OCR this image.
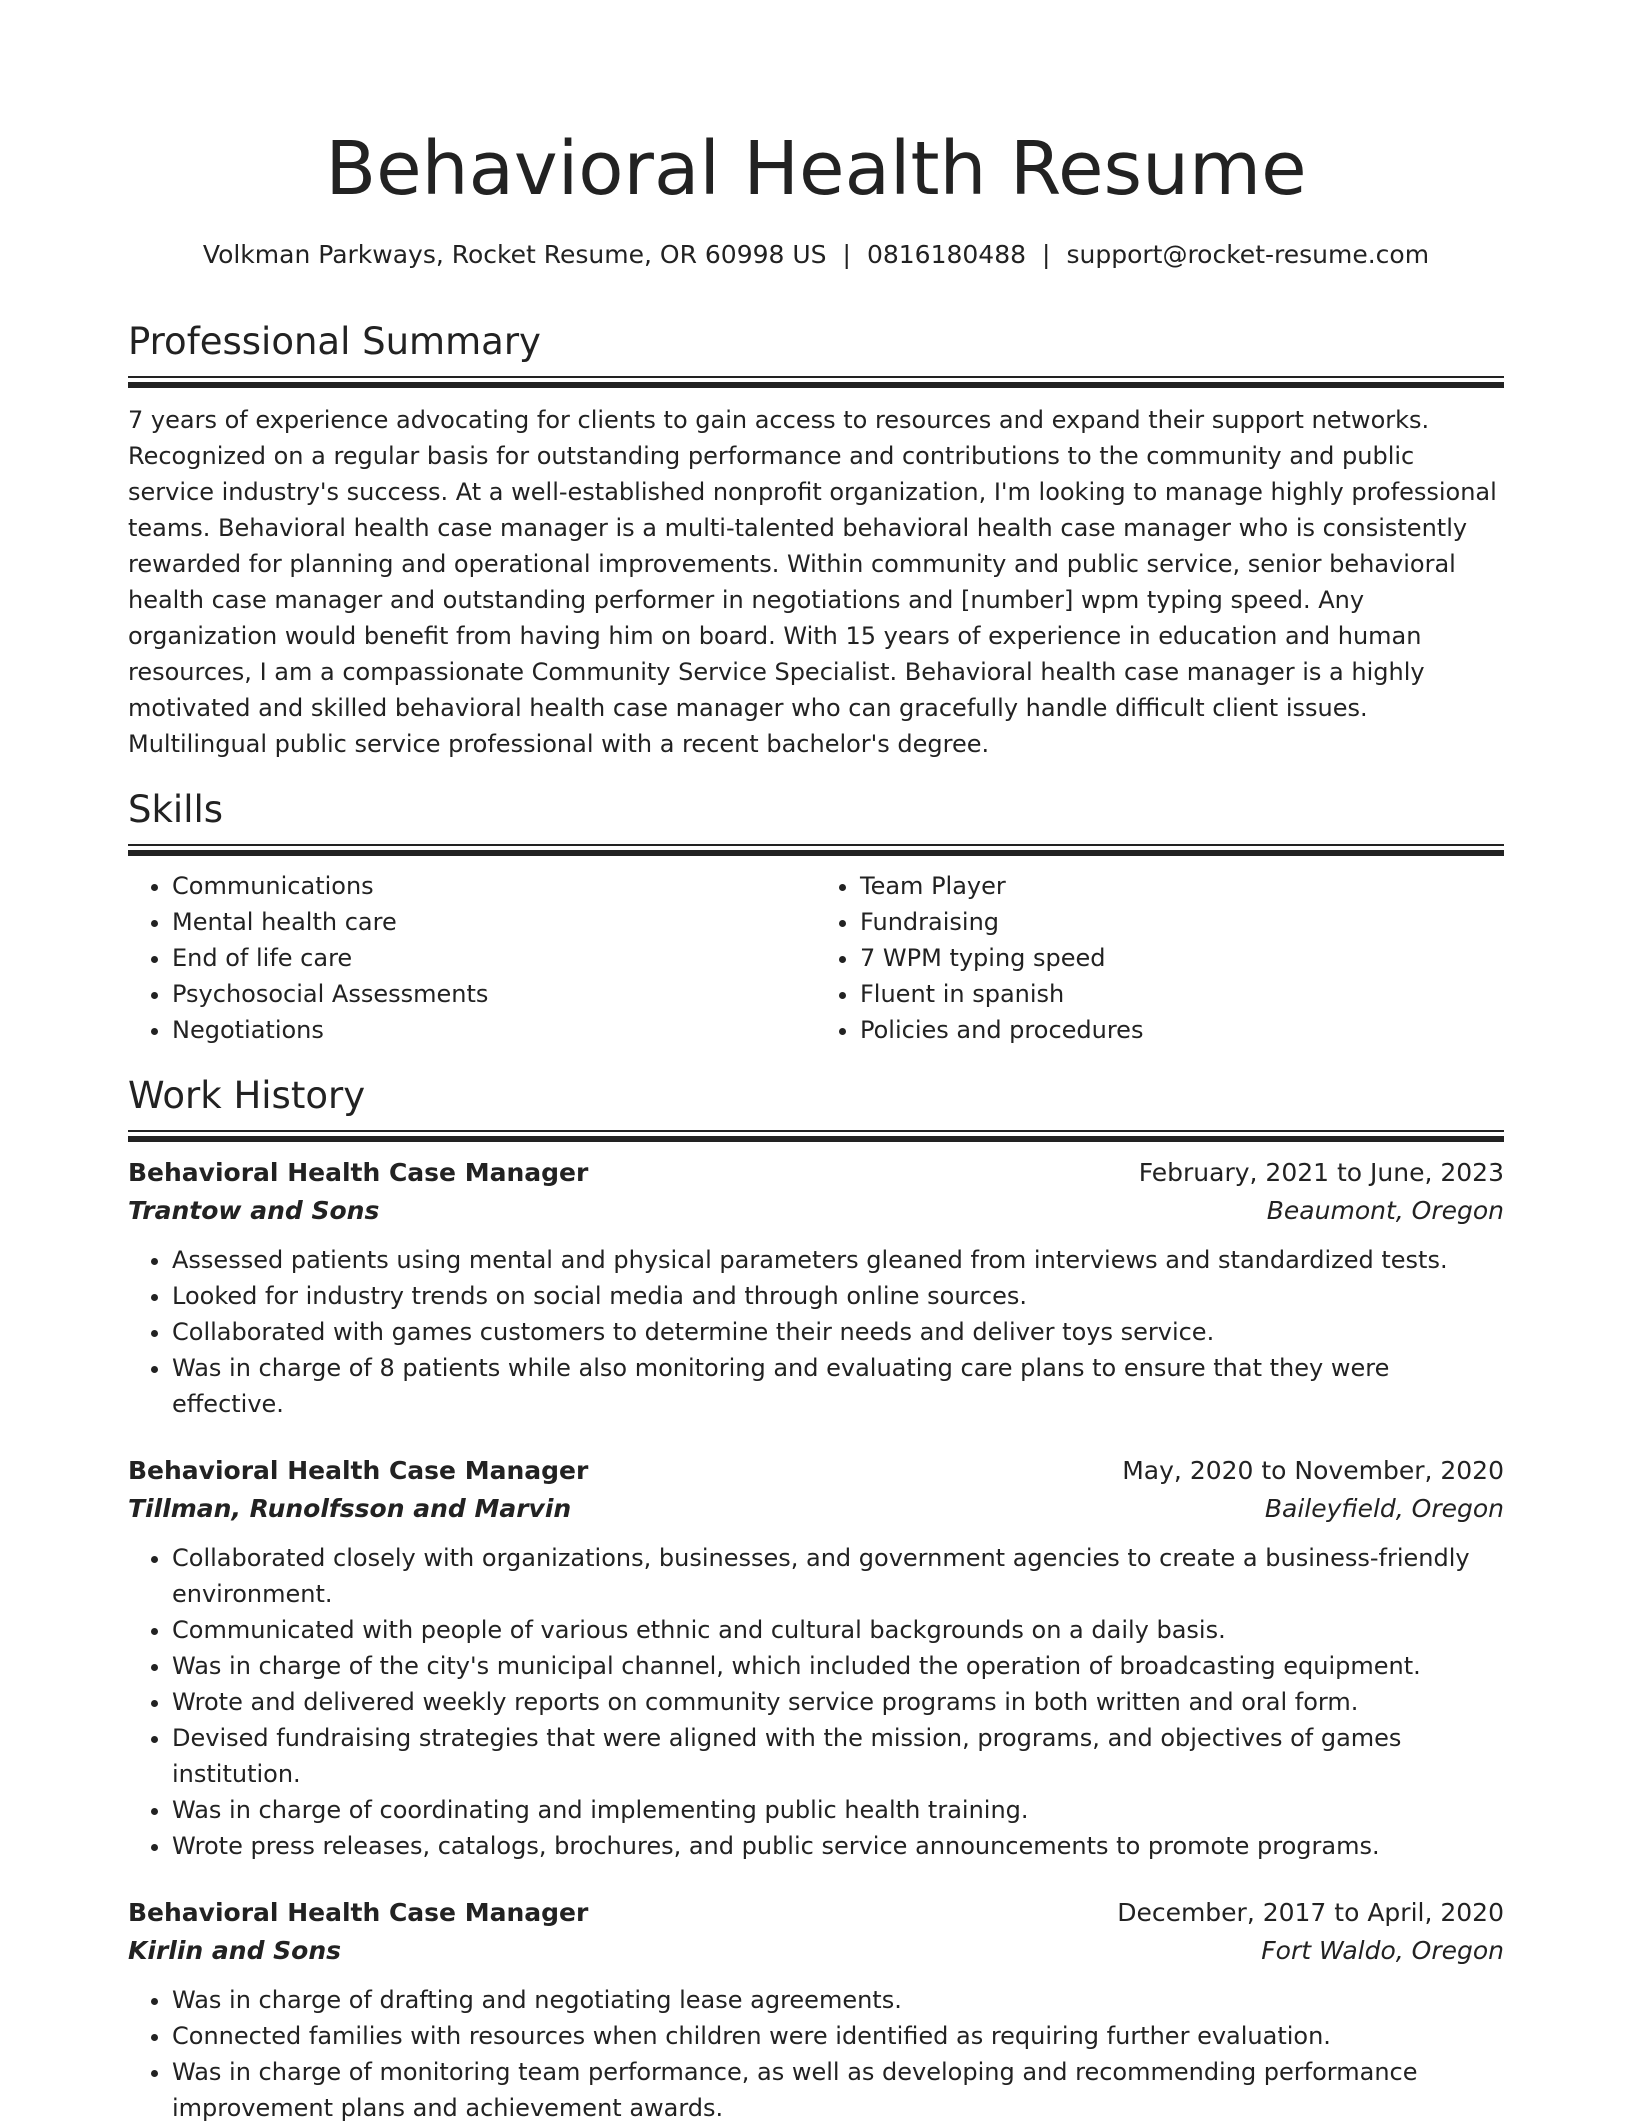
Behavioral Health Resume
Volkman Parkways, Rocket Resume, OR 60998 US | 0816180488 | support@rocket-resume.com
Professional Summary
7 years of experience advocating for clients to gain access to resources and expand their support networks. Recognized on a regular basis for outstanding performance and contributions to the community and public service industry's success. At a well-established nonprofit organization, I'm looking to manage highly professional teams. Behavioral health case manager is a multi-talented behavioral health case manager who is consistently rewarded for planning and operational improvements. Within community and public service, senior behavioral health case manager and outstanding performer in negotiations and [number] wpm typing speed. Any organization would benefit from having him on board. With 15 years of experience in education and human resources, I am a compassionate Community Service Specialist. Behavioral health case manager is a highly motivated and skilled behavioral health case manager who can gracefully handle difficult client issues. Multilingual public service professional with a recent bachelor's degree.
Skills
• Communications
• Mental health care
• End of life care
• Psychosocial Assessments
• Negotiations
• Team Player
• Fundraising
• 7 WPM typing speed
• Fluent in spanish
• Policies and procedures
Work History
Behavioral Health Case Manager	February, 2021 to June, 2023
Trantow and Sons	Beaumont, Oregon
• Assessed patients using mental and physical parameters gleaned from interviews and standardized tests.
• Looked for industry trends on social media and through online sources.
• Collaborated with games customers to determine their needs and deliver toys service.
• Was in charge of 8 patients while also monitoring and evaluating care plans to ensure that they were effective.
Behavioral Health Case Manager	May, 2020 to November, 2020
Tillman, Runolfsson and Marvin	Baileyfield, Oregon
• Collaborated closely with organizations, businesses, and government agencies to create a business-friendly environment.
• Communicated with people of various ethnic and cultural backgrounds on a daily basis.
• Was in charge of the city's municipal channel, which included the operation of broadcasting equipment.
• Wrote and delivered weekly reports on community service programs in both written and oral form.
• Devised fundraising strategies that were aligned with the mission, programs, and objectives of games institution.
• Was in charge of coordinating and implementing public health training.
• Wrote press releases, catalogs, brochures, and public service announcements to promote programs.
Behavioral Health Case Manager	December, 2017 to April, 2020
Kirlin and Sons	Fort Waldo, Oregon
• Was in charge of drafting and negotiating lease agreements.
• Connected families with resources when children were identified as requiring further evaluation.
• Was in charge of monitoring team performance, as well as developing and recommending performance improvement plans and achievement awards.
